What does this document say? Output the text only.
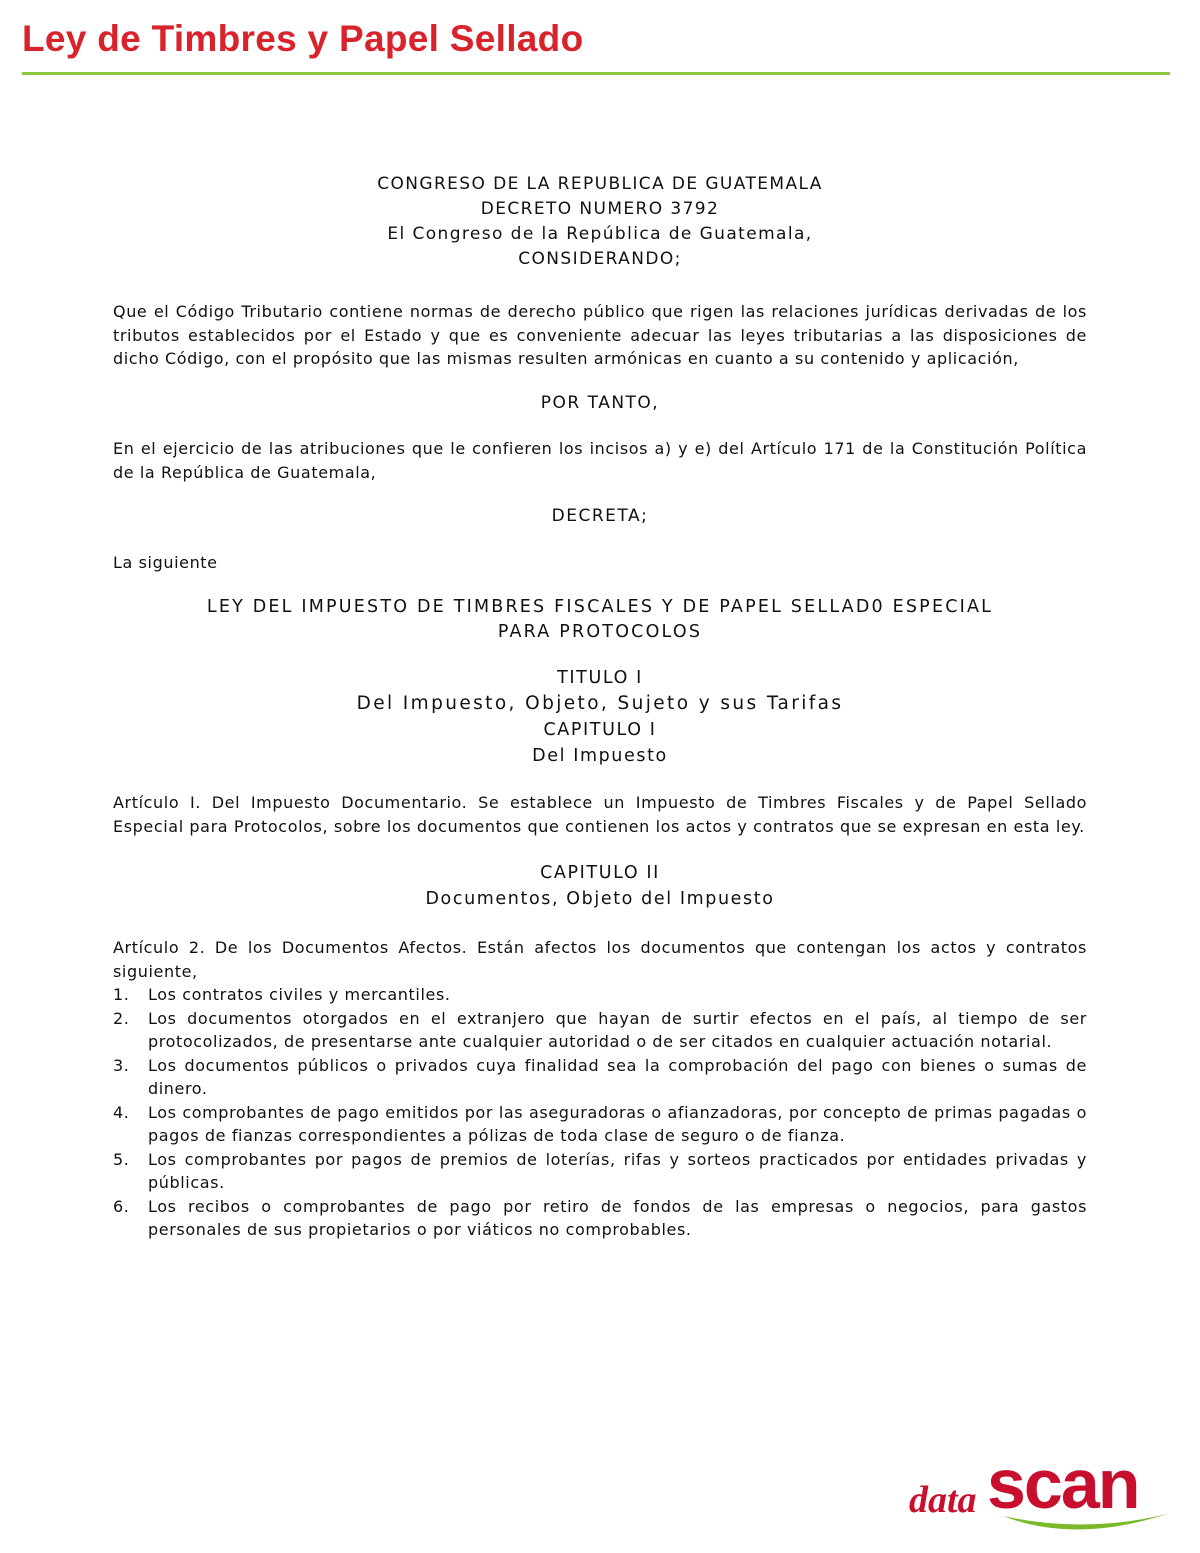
Ley de Timbres y Papel Sellado
CONGRESO DE LA REPUBLICA DE GUATEMALA
DECRETO NUMERO 3792
El Congreso de la República de Guatemala,
CONSIDERANDO;

Que el Código Tributario contiene normas de derecho público que rigen las relaciones jurídicas derivadas de los tributos establecidos por el Estado y que es conveniente adecuar las leyes tributarias a las disposiciones de dicho Código, con el propósito que las mismas resulten armónicas en cuanto a su contenido y aplicación,

POR TANTO,

En el ejercicio de las atribuciones que le confieren los incisos a) y e) del Artículo 171 de la Constitución Política de la República de Guatemala,

DECRETA;

La siguiente

LEY DEL IMPUESTO DE TIMBRES FISCALES Y DE PAPEL SELLAD0 ESPECIAL
PARA PROTOCOLOS
TITULO I
Del Impuesto, Objeto, Sujeto y sus Tarifas
CAPITULO I
Del Impuesto

Artículo I. Del Impuesto Documentario. Se establece un Impuesto de Timbres Fiscales y de Papel Sellado Especial para Protocolos, sobre los documentos que contienen los actos y contratos que se expresan en esta ley.

CAPITULO II
Documentos, Objeto del Impuesto

Artículo 2. De los Documentos Afectos. Están afectos los documentos que contengan los actos y contratos siguiente,

1. Los contratos civiles y mercantiles.
2. Los documentos otorgados en el extranjero que hayan de surtir efectos en el país, al tiempo de ser protocolizados, de presentarse ante cualquier autoridad o de ser citados en cualquier actuación notarial.
3. Los documentos públicos o privados cuya finalidad sea la comprobación del pago con bienes o sumas de dinero.
4. Los comprobantes de pago emitidos por las aseguradoras o afianzadoras, por concepto de primas pagadas o pagos de fianzas correspondientes a pólizas de toda clase de seguro o de fianza.
5. Los comprobantes por pagos de premios de loterías, rifas y sorteos practicados por entidades privadas y públicas.
6. Los recibos o comprobantes de pago por retiro de fondos de las empresas o negocios, para gastos personales de sus propietarios o por viáticos no comprobables.
data scan
